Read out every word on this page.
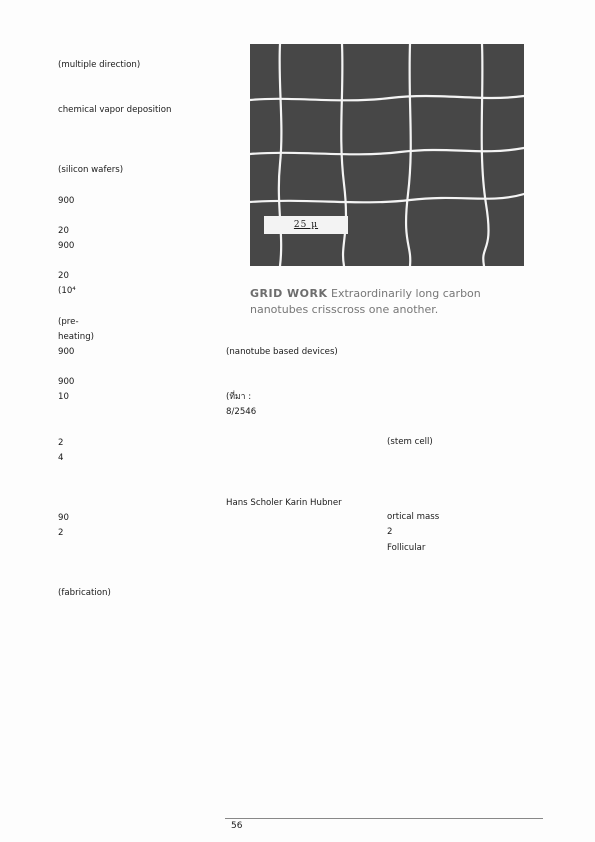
(multiple direction)

chemical vapor deposition

(silicon wafers)

900

20

900

20

(10⁴

(pre-

heating)

900

900

10

2

4

90

2

(fabrication)

25 µ
GRID WORK Extraordinarily long carbon nanotubes crisscross one another.

(nanotube based devices)

(ที่มา :

8/2546

Hans Scholer Karin Hubner

(stem cell)

ortical mass

2

Follicular

56
